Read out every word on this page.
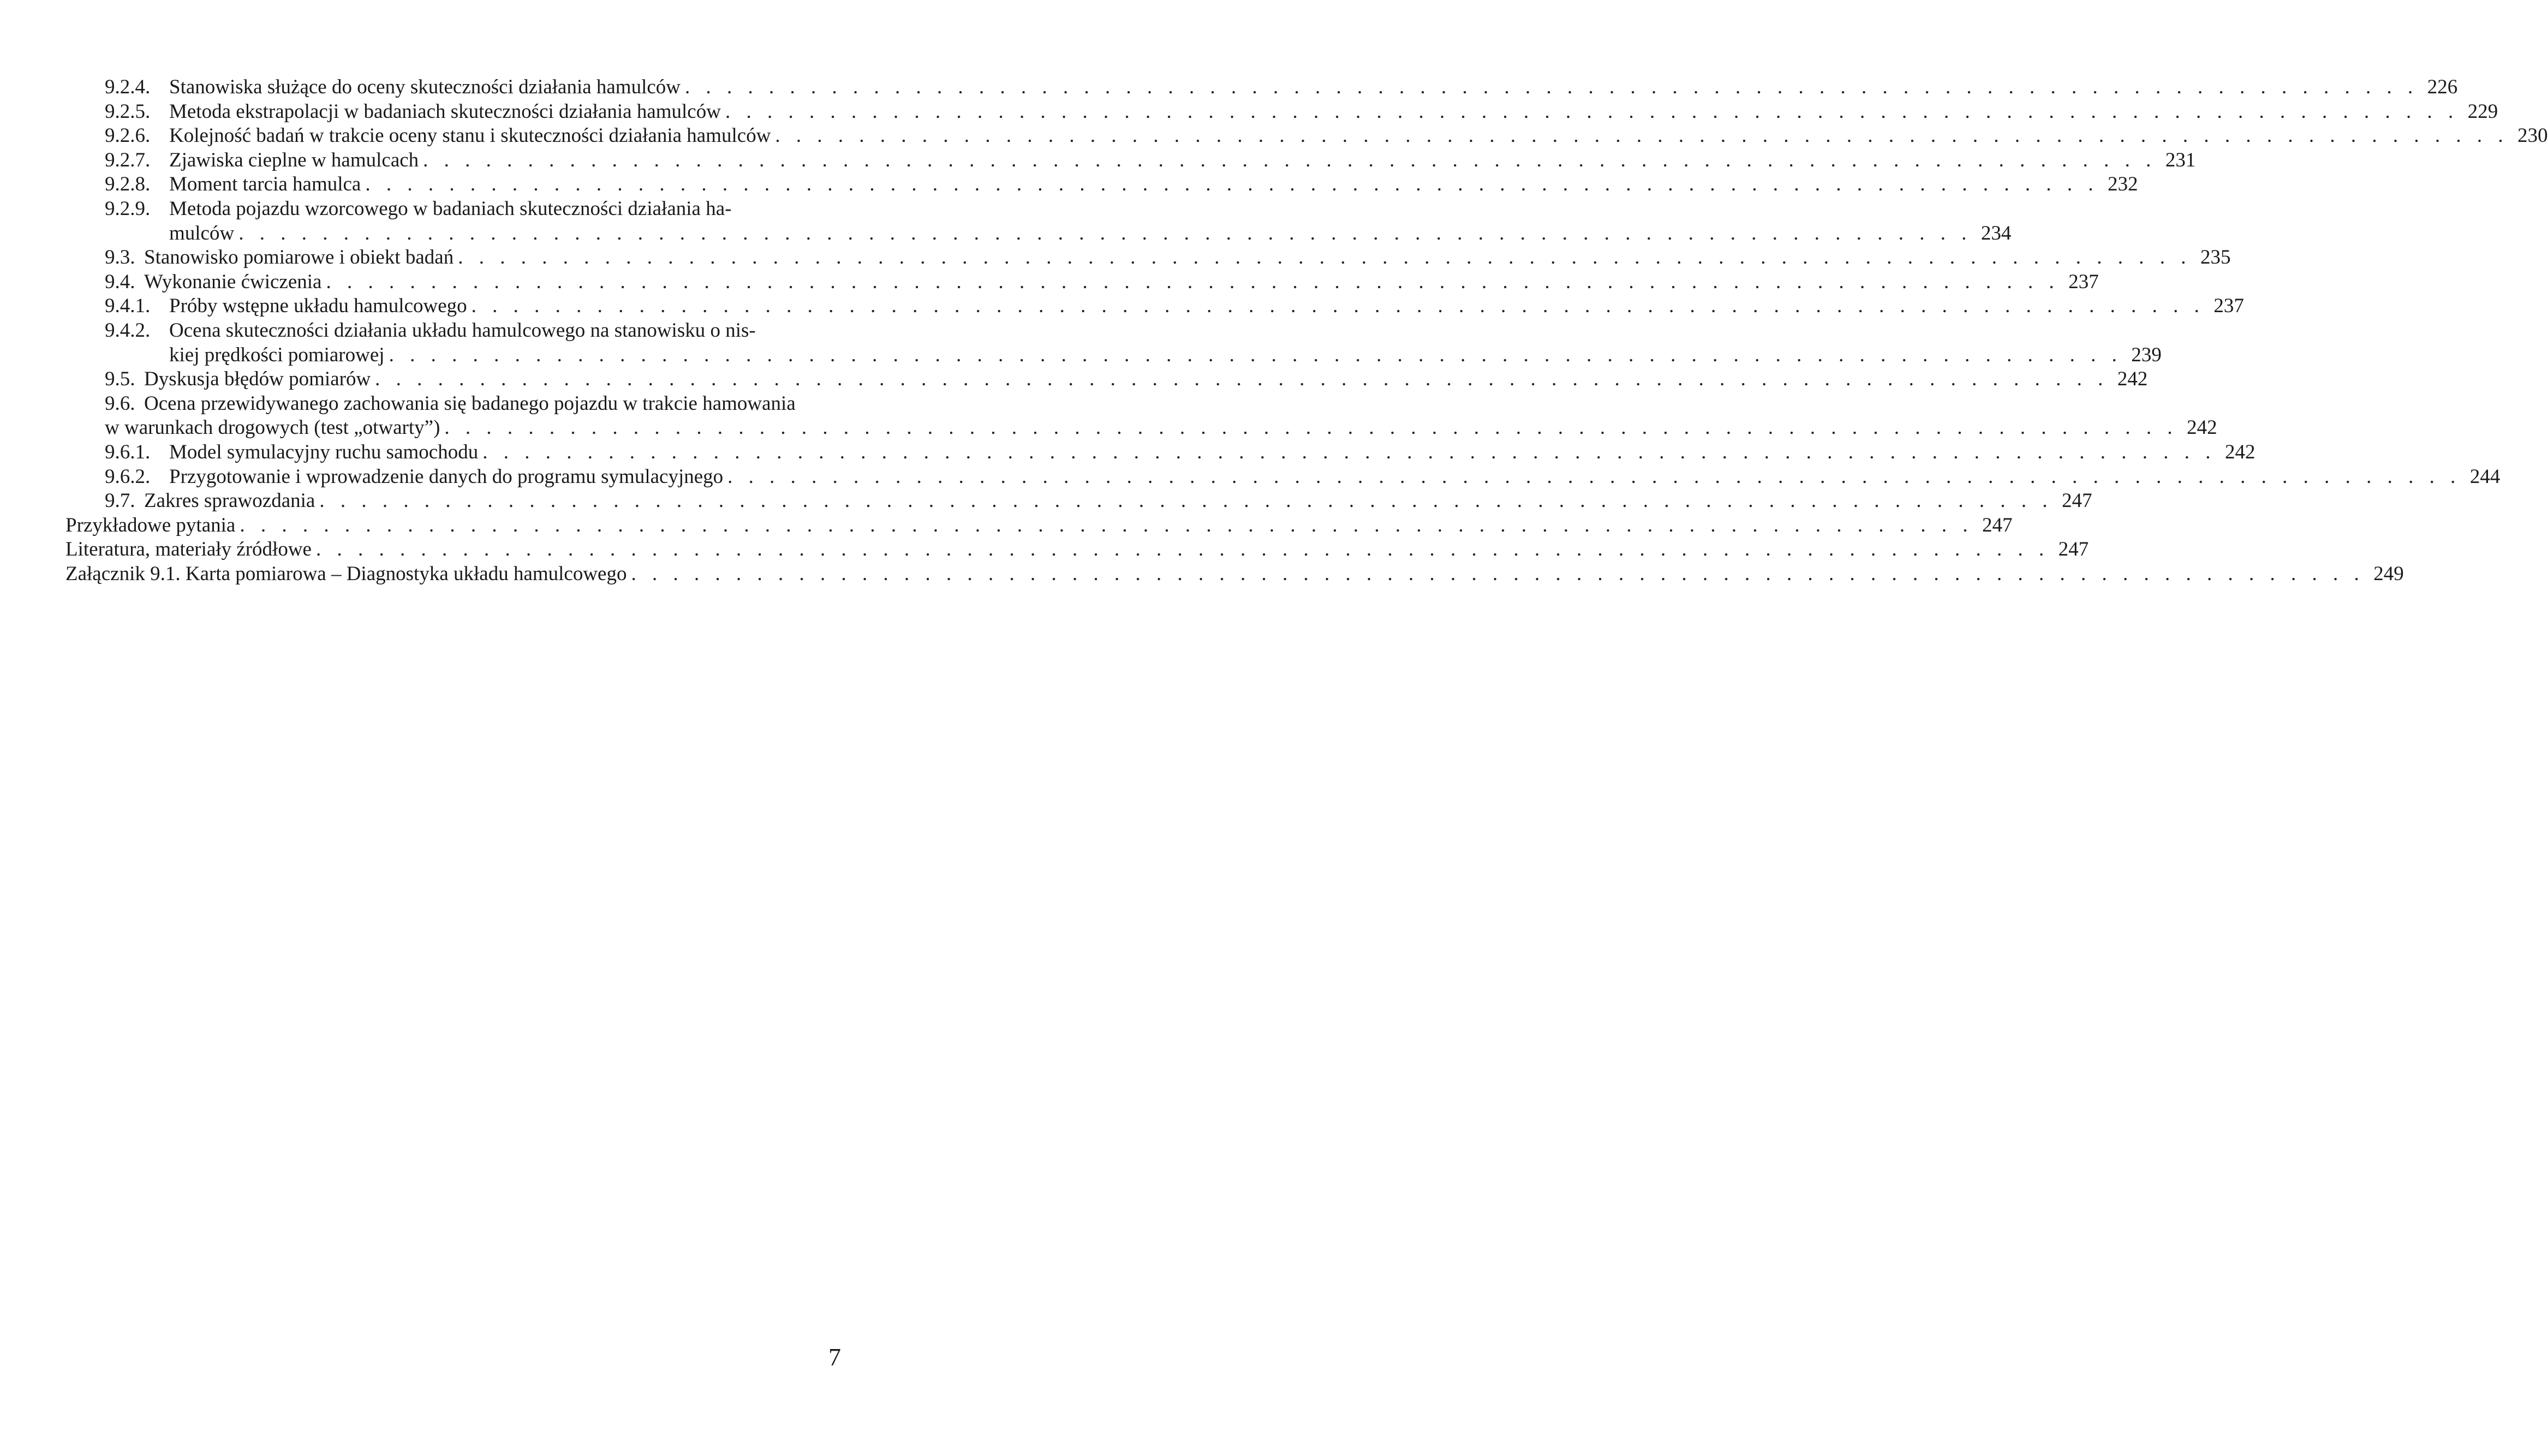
9.2.4. Stanowiska służące do oceny skuteczności działania hamulców . . . . . . . . . . . . . . . . . . . . . . . . . . . . . . . . . . . . . . . . . . . . . . . . . . . . . . . . . . . . . . . . . . . . . . . . . . . . . . . . . . . 226
9.2.5. Metoda ekstrapolacji w badaniach skuteczności działania hamulców . . . . . . . . . . . . . . . . . . . . . . . . . . . . . . . . . . . . . . . . . . . . . . . . . . . . . . . . . . . . . . . . . . . . . . . . . . . . . . . . . . . 229
9.2.6. Kolejność badań w trakcie oceny stanu i skuteczności działania hamulców . . . . . . . . . . . . . . . . . . . . . . . . . . . . . . . . . . . . . . . . . . . . . . . . . . . . . . . . . . . . . . . . . . . . . . . . . . . . . . . . . . . 230
9.2.7. Zjawiska cieplne w hamulcach . . . . . . . . . . . . . . . . . . . . . . . . . . . . . . . . . . . . . . . . . . . . . . . . . . . . . . . . . . . . . . . . . . . . . . . . . . . . . . . . . . . 231
9.2.8. Moment tarcia hamulca . . . . . . . . . . . . . . . . . . . . . . . . . . . . . . . . . . . . . . . . . . . . . . . . . . . . . . . . . . . . . . . . . . . . . . . . . . . . . . . . . . . 232
9.2.9. Metoda pojazdu wzorcowego w badaniach skuteczności działania ha-
mulców . . . . . . . . . . . . . . . . . . . . . . . . . . . . . . . . . . . . . . . . . . . . . . . . . . . . . . . . . . . . . . . . . . . . . . . . . . . . . . . . . . . 234
9.3. Stanowisko pomiarowe i obiekt badań . . . . . . . . . . . . . . . . . . . . . . . . . . . . . . . . . . . . . . . . . . . . . . . . . . . . . . . . . . . . . . . . . . . . . . . . . . . . . . . . . . . 235
9.4. Wykonanie ćwiczenia . . . . . . . . . . . . . . . . . . . . . . . . . . . . . . . . . . . . . . . . . . . . . . . . . . . . . . . . . . . . . . . . . . . . . . . . . . . . . . . . . . . 237
9.4.1. Próby wstępne układu hamulcowego . . . . . . . . . . . . . . . . . . . . . . . . . . . . . . . . . . . . . . . . . . . . . . . . . . . . . . . . . . . . . . . . . . . . . . . . . . . . . . . . . . . 237
9.4.2. Ocena skuteczności działania układu hamulcowego na stanowisku o nis-
kiej prędkości pomiarowej . . . . . . . . . . . . . . . . . . . . . . . . . . . . . . . . . . . . . . . . . . . . . . . . . . . . . . . . . . . . . . . . . . . . . . . . . . . . . . . . . . . 239
9.5. Dyskusja błędów pomiarów . . . . . . . . . . . . . . . . . . . . . . . . . . . . . . . . . . . . . . . . . . . . . . . . . . . . . . . . . . . . . . . . . . . . . . . . . . . . . . . . . . . 242
9.6. Ocena przewidywanego zachowania się badanego pojazdu w trakcie hamowania
w warunkach drogowych (test „otwarty”) . . . . . . . . . . . . . . . . . . . . . . . . . . . . . . . . . . . . . . . . . . . . . . . . . . . . . . . . . . . . . . . . . . . . . . . . . . . . . . . . . . . 242
9.6.1. Model symulacyjny ruchu samochodu . . . . . . . . . . . . . . . . . . . . . . . . . . . . . . . . . . . . . . . . . . . . . . . . . . . . . . . . . . . . . . . . . . . . . . . . . . . . . . . . . . . 242
9.6.2. Przygotowanie i wprowadzenie danych do programu symulacyjnego . . . . . . . . . . . . . . . . . . . . . . . . . . . . . . . . . . . . . . . . . . . . . . . . . . . . . . . . . . . . . . . . . . . . . . . . . . . . . . . . . . . 244
9.7. Zakres sprawozdania . . . . . . . . . . . . . . . . . . . . . . . . . . . . . . . . . . . . . . . . . . . . . . . . . . . . . . . . . . . . . . . . . . . . . . . . . . . . . . . . . . . 247
Przykładowe pytania . . . . . . . . . . . . . . . . . . . . . . . . . . . . . . . . . . . . . . . . . . . . . . . . . . . . . . . . . . . . . . . . . . . . . . . . . . . . . . . . . . . 247
Literatura, materiały źródłowe . . . . . . . . . . . . . . . . . . . . . . . . . . . . . . . . . . . . . . . . . . . . . . . . . . . . . . . . . . . . . . . . . . . . . . . . . . . . . . . . . . . 247
Załącznik 9.1. Karta pomiarowa – Diagnostyka układu hamulcowego . . . . . . . . . . . . . . . . . . . . . . . . . . . . . . . . . . . . . . . . . . . . . . . . . . . . . . . . . . . . . . . . . . . . . . . . . . . . . . . . . . . 249
7
